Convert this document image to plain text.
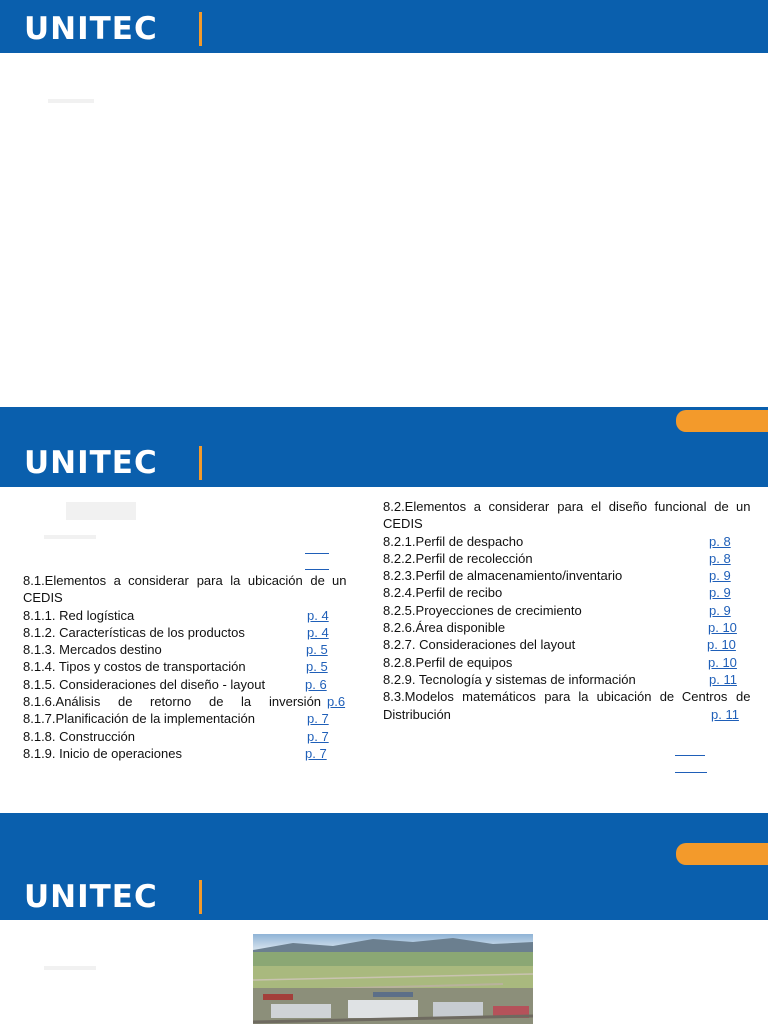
UNITEC
UNITEC
8.1.Elementos a considerar para la ubicación de un
CEDIS
8.1.1. Red logística	p. 4
8.1.2. Características de los productos	p. 4
8.1.3. Mercados destino	p. 5
8.1.4. Tipos y costos de transportación	p. 5
8.1.5. Consideraciones del diseño - layout	p. 6
8.1.6.Análisis de retorno de la inversión p.6
8.1.7.Planificación de la implementación	p. 7
8.1.8. Construcción	p. 7
8.1.9. Inicio de operaciones	p. 7
8.2.Elementos a considerar para el diseño funcional de un
CEDIS
8.2.1.Perfil de despacho	p. 8
8.2.2.Perfil de recolección	p. 8
8.2.3.Perfil de almacenamiento/inventario	p. 9
8.2.4.Perfil de recibo	p. 9
8.2.5.Proyecciones de crecimiento	p. 9
8.2.6.Área disponible	p. 10
8.2.7. Consideraciones del layout	p. 10
8.2.8.Perfil de equipos	p. 10
8.2.9. Tecnología y sistemas de información	p. 11
8.3.Modelos matemáticos para la ubicación de Centros de
Distribución	p. 11
UNITEC
